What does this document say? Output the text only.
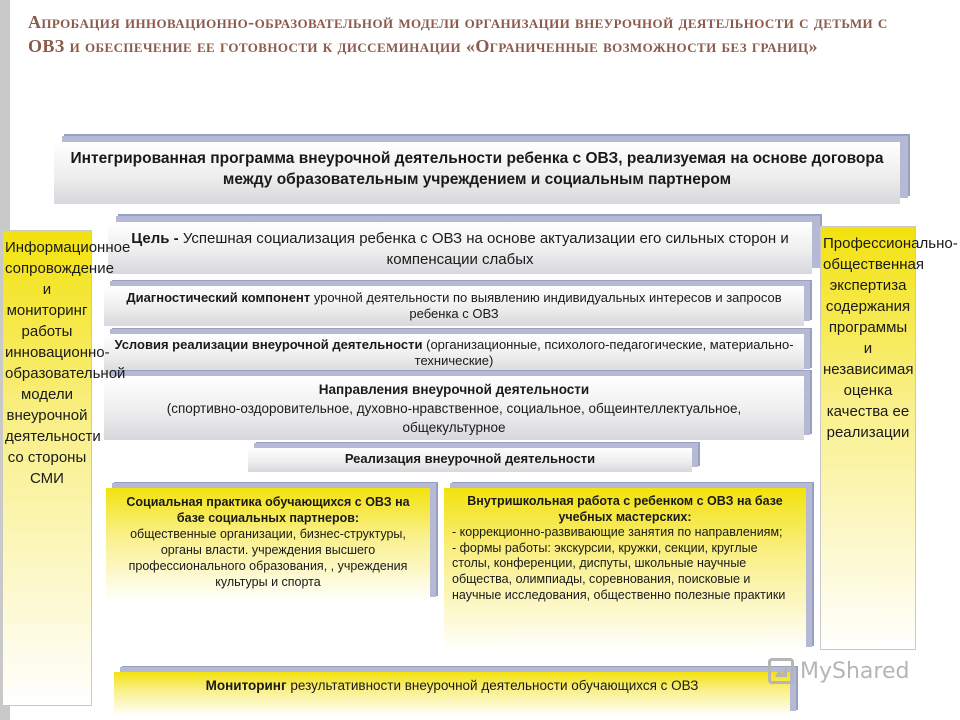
Апробация инновационно-образовательной модели организации внеурочной деятельности с детьми с ОВЗ и обеспечение ее готовности к диссеминации «Ограниченные возможности без границ»
Интегрированная программа внеурочной деятельности ребенка с ОВЗ, реализуемая на основе договора между образовательным учреждением и социальным партнером
Цель - Успешная социализация ребенка с ОВЗ на основе актуализации его сильных сторон и компенсации слабых
Диагностический компонент урочной деятельности по выявлению индивидуальных интересов и запросов ребенка с ОВЗ
Условия реализации внеурочной деятельности (организационные, психолого-педагогические, материально-технические)
Направления внеурочной деятельности
(спортивно-оздоровительное, духовно-нравственное, социальное, общеинтеллектуальное, общекультурное
Реализация внеурочной деятельности
Информационное сопровождение и мониторинг работы инновационно-образовательной модели внеурочной деятельности со стороны СМИ
Профессионально-общественная экспертиза содержания программы и независимая оценка качества ее реализации
Социальная практика обучающихся с ОВЗ на базе социальных партнеров:
общественные организации, бизнес-структуры, органы власти. учреждения высшего профессионального образования, , учреждения культуры и спорта
Внутришкольная работа с ребенком с ОВЗ на базе учебных мастерских:
- коррекционно-развивающие занятия по направлениям;
- формы работы: экскурсии, кружки, секции, круглые столы, конференции, диспуты, школьные научные общества, олимпиады, соревнования, поисковые и научные исследования, общественно полезные практики
Мониторинг результативности внеурочной деятельности обучающихся с ОВЗ
MyShared
